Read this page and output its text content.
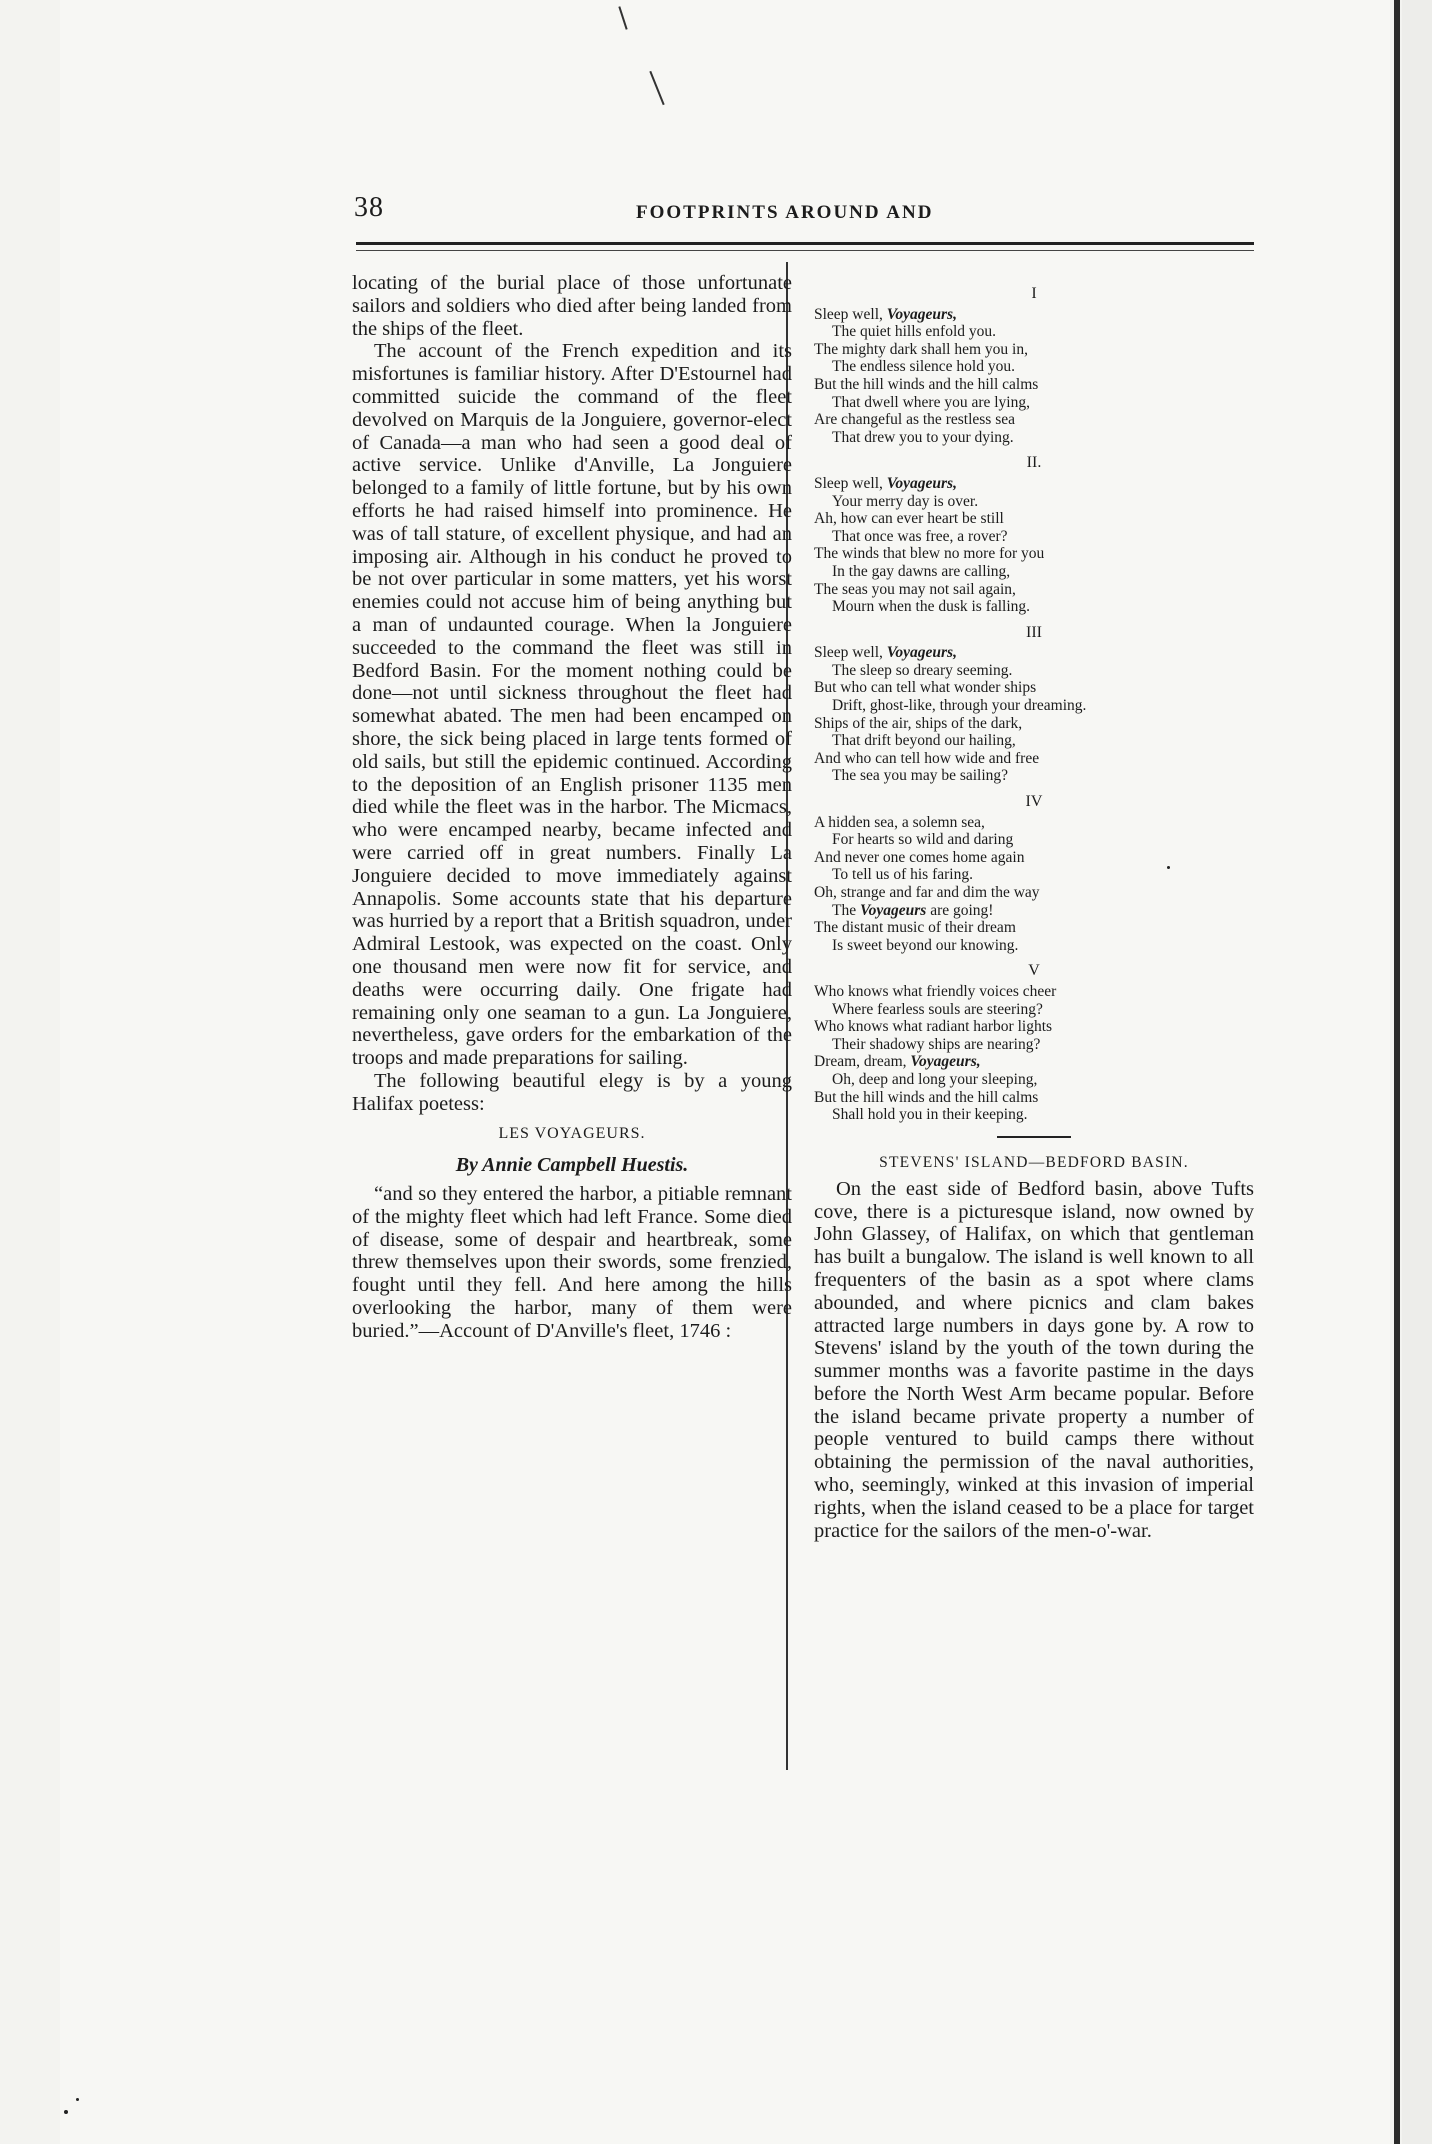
38	FOOTPRINTS AROUND AND

locating of the burial place of those unfortunate sailors and soldiers who died after being landed from the ships of the fleet.

The account of the French expedition and its misfortunes is familiar history. After D'Estournel had committed suicide the command of the fleet devolved on Marquis de la Jonguiere, governor-elect of Canada—a man who had seen a good deal of active service. Unlike d'Anville, La Jonguiere belonged to a family of little fortune, but by his own efforts he had raised himself into prominence. He was of tall stature, of excellent physique, and had an imposing air. Although in his conduct he proved to be not over particular in some matters, yet his worst enemies could not accuse him of being anything but a man of undaunted courage. When la Jonguiere succeeded to the command the fleet was still in Bedford Basin. For the moment nothing could be done—not until sickness throughout the fleet had somewhat abated. The men had been encamped on shore, the sick being placed in large tents formed of old sails, but still the epidemic continued. According to the deposition of an English prisoner 1135 men died while the fleet was in the harbor. The Micmacs, who were encamped nearby, became infected and were carried off in great numbers. Finally La Jonguiere decided to move immediately against Annapolis. Some accounts state that his departure was hurried by a report that a British squadron, under Admiral Lestook, was expected on the coast. Only one thousand men were now fit for service, and deaths were occurring daily. One frigate had remaining only one seaman to a gun. La Jonguiere, nevertheless, gave orders for the embarkation of the troops and made preparations for sailing.

The following beautiful elegy is by a young Halifax poetess:

LES VOYAGEURS.

By Annie Campbell Huestis.

“and so they entered the harbor, a pitiable remnant of the mighty fleet which had left France. Some died of disease, some of despair and heartbreak, some threw themselves upon their swords, some frenzied, fought until they fell. And here among the hills overlooking the harbor, many of them were buried.”—Account of D'Anville's fleet, 1746 :

I
Sleep well, Voyageurs,
The quiet hills enfold you.
The mighty dark shall hem you in,
The endless silence hold you.
But the hill winds and the hill calms
That dwell where you are lying,
Are changeful as the restless sea
That drew you to your dying.
II.
Sleep well, Voyageurs,
Your merry day is over.
Ah, how can ever heart be still
That once was free, a rover?
The winds that blew no more for you
In the gay dawns are calling,
The seas you may not sail again,
Mourn when the dusk is falling.
III
Sleep well, Voyageurs,
The sleep so dreary seeming.
But who can tell what wonder ships
Drift, ghost-like, through your dreaming.
Ships of the air, ships of the dark,
That drift beyond our hailing,
And who can tell how wide and free
The sea you may be sailing?
IV
A hidden sea, a solemn sea,
For hearts so wild and daring
And never one comes home again
To tell us of his faring.
Oh, strange and far and dim the way
The Voyageurs are going!
The distant music of their dream
Is sweet beyond our knowing.
V
Who knows what friendly voices cheer
Where fearless souls are steering?
Who knows what radiant harbor lights
Their shadowy ships are nearing?
Dream, dream, Voyageurs,
Oh, deep and long your sleeping,
But the hill winds and the hill calms
Shall hold you in their keeping.
STEVENS' ISLAND—BEDFORD BASIN.

On the east side of Bedford basin, above Tufts cove, there is a picturesque island, now owned by John Glassey, of Halifax, on which that gentleman has built a bungalow. The island is well known to all frequenters of the basin as a spot where clams abounded, and where picnics and clam bakes attracted large numbers in days gone by. A row to Stevens' island by the youth of the town during the summer months was a favorite pastime in the days before the North West Arm became popular. Before the island became private property a number of people ventured to build camps there without obtaining the permission of the naval authorities, who, seemingly, winked at this invasion of imperial rights, when the island ceased to be a place for target practice for the sailors of the men-o'-war.
